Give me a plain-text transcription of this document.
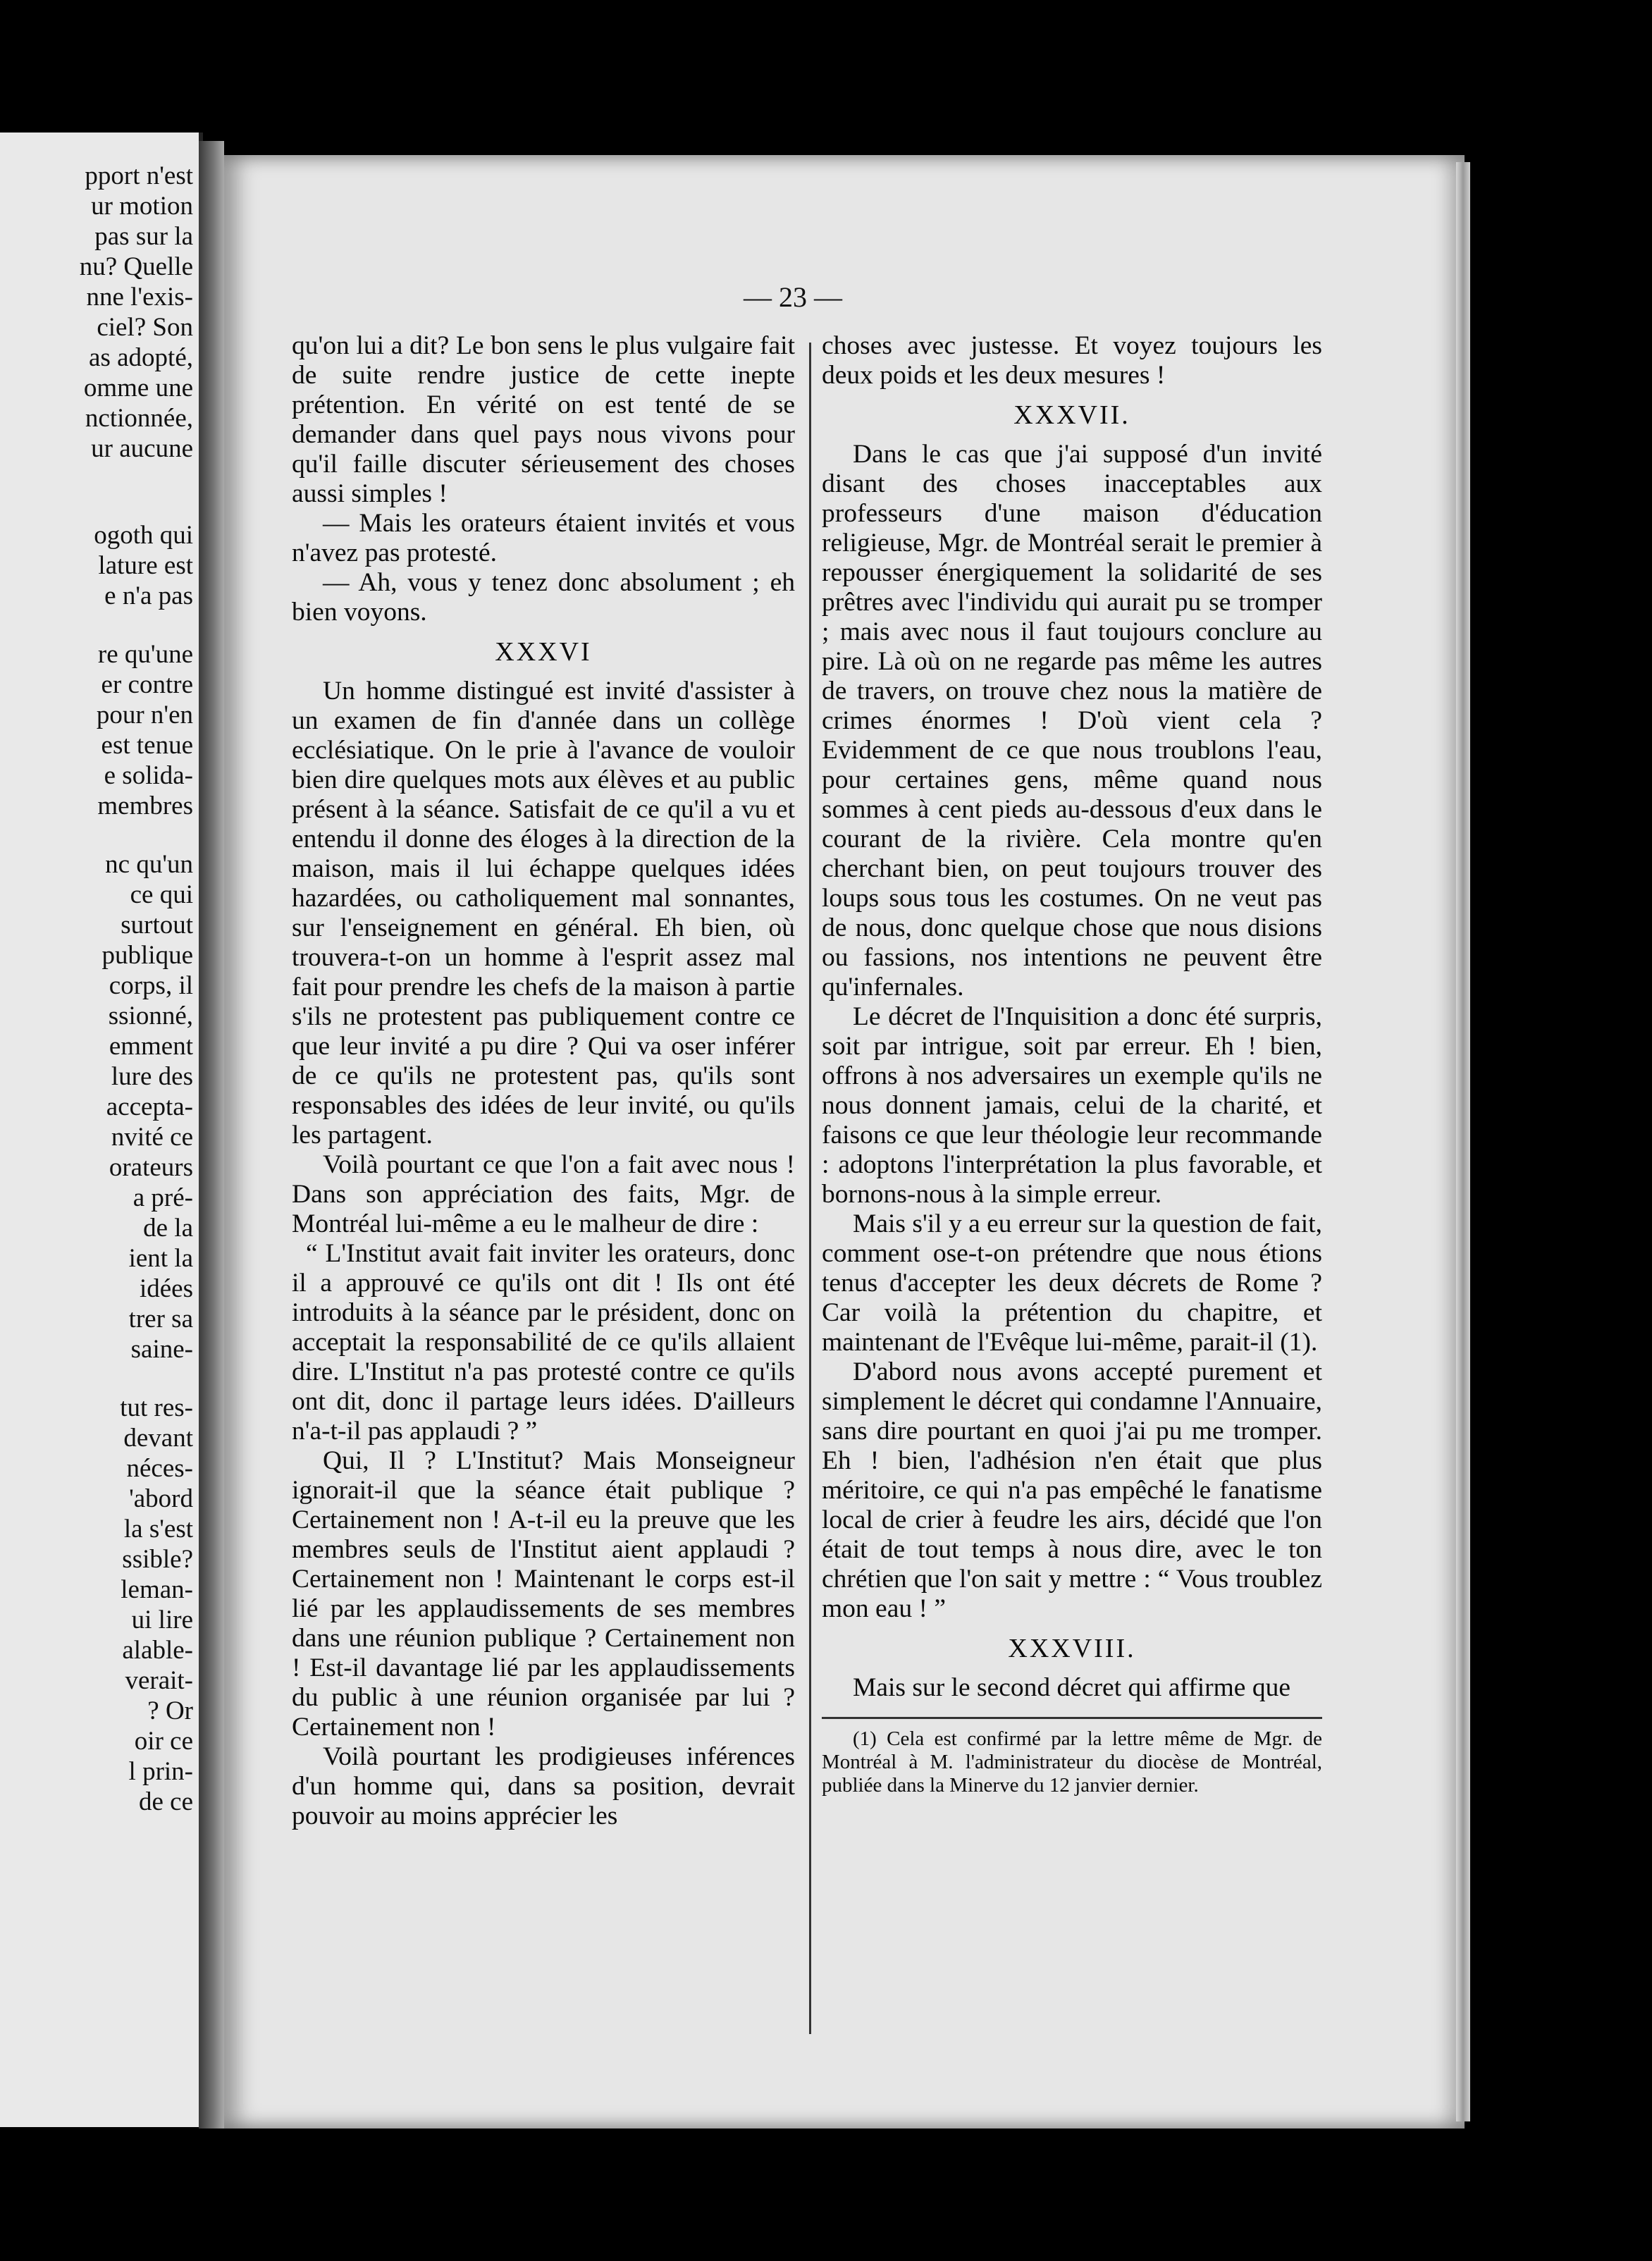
pport n'est
ur motion
pas sur la
nu? Quelle
nne l'exis-
ciel? Son
as adopté,
omme une
nctionnée,
ur aucune
ogoth qui
lature est
e n'a pas
re qu'une
er contre
pour n'en
est tenue
e solida-
membres
nc qu'un
ce qui
surtout
publique
corps, il
ssionné,
emment
lure des
accepta-
nvité ce
orateurs
a pré-
de la
ient la
idées
trer sa
saine-
tut res-
devant
néces-
'abord
la s'est
ssible?
leman-
ui lire
alable-
verait-
? Or
oir ce
l prin-
de ce
— 23 —

qu'on lui a dit? Le bon sens le plus vulgaire fait de suite rendre justice de cette inepte prétention. En vérité on est tenté de se demander dans quel pays nous vivons pour qu'il faille discuter sérieusement des choses aussi simples !

— Mais les orateurs étaient invités et vous n'avez pas protesté.

— Ah, vous y tenez donc absolument ; eh bien voyons.

XXXVI

Un homme distingué est invité d'assister à un examen de fin d'année dans un collège ecclésiatique. On le prie à l'avance de vouloir bien dire quelques mots aux élèves et au public présent à la séance. Satisfait de ce qu'il a vu et entendu il donne des éloges à la direction de la maison, mais il lui échappe quelques idées hazardées, ou catholiquement mal sonnantes, sur l'enseignement en général. Eh bien, où trouvera-t-on un homme à l'esprit assez mal fait pour prendre les chefs de la maison à partie s'ils ne protestent pas publiquement contre ce que leur invité a pu dire ? Qui va oser inférer de ce qu'ils ne protestent pas, qu'ils sont responsables des idées de leur invité, ou qu'ils les partagent.

Voilà pourtant ce que l'on a fait avec nous ! Dans son appréciation des faits, Mgr. de Montréal lui-même a eu le malheur de dire :

“ L'Institut avait fait inviter les orateurs, donc il a approuvé ce qu'ils ont dit ! Ils ont été introduits à la séance par le président, donc on acceptait la responsabilité de ce qu'ils allaient dire. L'Institut n'a pas protesté contre ce qu'ils ont dit, donc il partage leurs idées. D'ailleurs n'a-t-il pas applaudi ? ”

Qui, Il ? L'Institut? Mais Monseigneur ignorait-il que la séance était publique ? Certainement non ! A-t-il eu la preuve que les membres seuls de l'Institut aient applaudi ? Certainement non ! Maintenant le corps est-il lié par les applaudissements de ses membres dans une réunion publique ? Certainement non ! Est-il davantage lié par les applaudissements du public à une réunion organisée par lui ? Certainement non !

Voilà pourtant les prodigieuses inférences d'un homme qui, dans sa position, devrait pouvoir au moins apprécier les

choses avec justesse. Et voyez toujours les deux poids et les deux mesures !

XXXVII.

Dans le cas que j'ai supposé d'un invité disant des choses inacceptables aux professeurs d'une maison d'éducation religieuse, Mgr. de Montréal serait le premier à repousser énergiquement la solidarité de ses prêtres avec l'individu qui aurait pu se tromper ; mais avec nous il faut toujours conclure au pire. Là où on ne regarde pas même les autres de travers, on trouve chez nous la matière de crimes énormes ! D'où vient cela ? Evidemment de ce que nous troublons l'eau, pour certaines gens, même quand nous sommes à cent pieds au-dessous d'eux dans le courant de la rivière. Cela montre qu'en cherchant bien, on peut toujours trouver des loups sous tous les costumes. On ne veut pas de nous, donc quelque chose que nous disions ou fassions, nos intentions ne peuvent être qu'infernales.

Le décret de l'Inquisition a donc été surpris, soit par intrigue, soit par erreur. Eh ! bien, offrons à nos adversaires un exemple qu'ils ne nous donnent jamais, celui de la charité, et faisons ce que leur théologie leur recommande : adoptons l'interprétation la plus favorable, et bornons-nous à la simple erreur.

Mais s'il y a eu erreur sur la question de fait, comment ose-t-on prétendre que nous étions tenus d'accepter les deux décrets de Rome ? Car voilà la prétention du chapitre, et maintenant de l'Evêque lui-même, parait-il (1).

D'abord nous avons accepté purement et simplement le décret qui condamne l'Annuaire, sans dire pourtant en quoi j'ai pu me tromper. Eh ! bien, l'adhésion n'en était que plus méritoire, ce qui n'a pas empêché le fanatisme local de crier à feudre les airs, décidé que l'on était de tout temps à nous dire, avec le ton chrétien que l'on sait y mettre : “ Vous troublez mon eau ! ”

XXXVIII.

Mais sur le second décret qui affirme que

(1) Cela est confirmé par la lettre même de Mgr. de Montréal à M. l'administrateur du diocèse de Montréal, publiée dans la Minerve du 12 janvier dernier.
